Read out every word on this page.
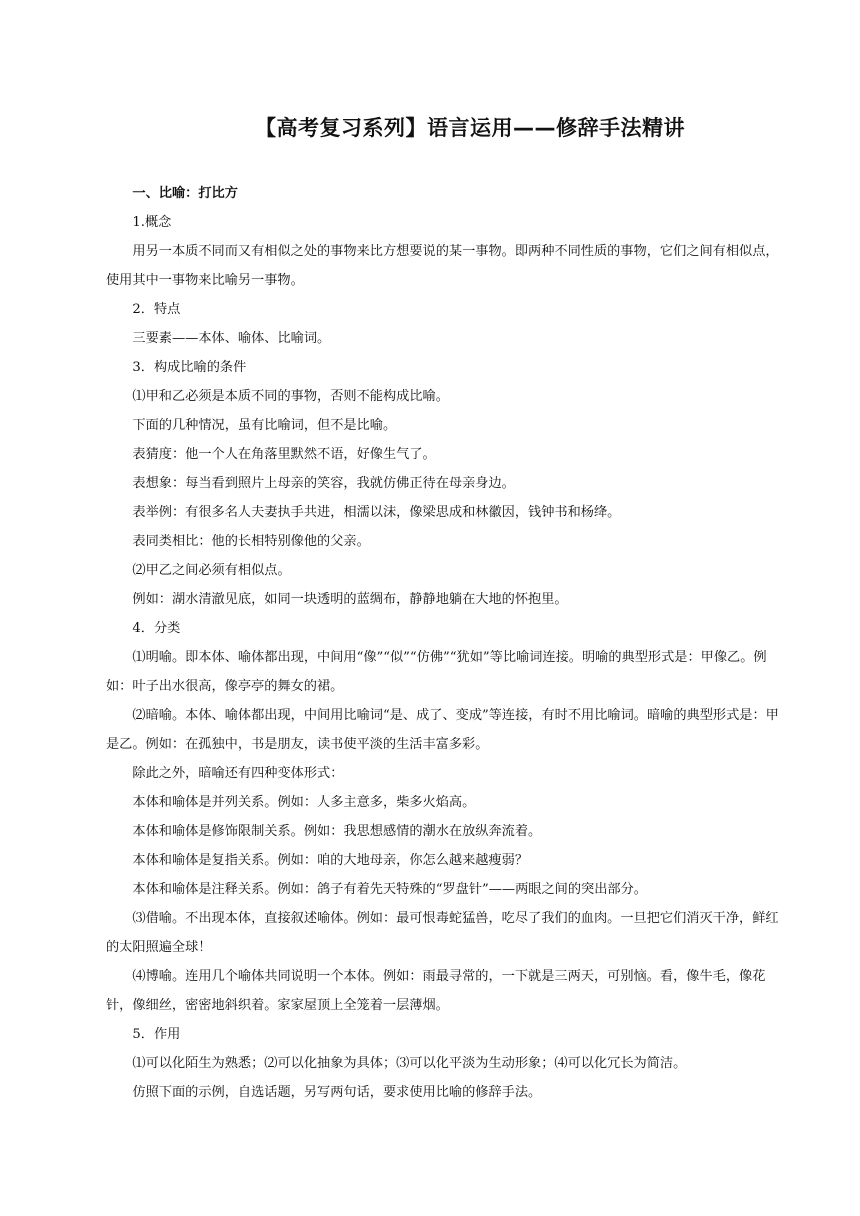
【高考复习系列】语言运用——修辞手法精讲

一、比喻：打比方

1.概念

用另一本质不同而又有相似之处的事物来比方想要说的某一事物。即两种不同性质的事物，它们之间有相似点，使用其中一事物来比喻另一事物。

2．特点

三要素——本体、喻体、比喻词。

3．构成比喻的条件

⑴甲和乙必须是本质不同的事物，否则不能构成比喻。

下面的几种情况，虽有比喻词，但不是比喻。

表猜度：他一个人在角落里默然不语，好像生气了。

表想象：每当看到照片上母亲的笑容，我就仿佛正待在母亲身边。

表举例：有很多名人夫妻执手共进，相濡以沫，像梁思成和林徽因，钱钟书和杨绛。

表同类相比：他的长相特别像他的父亲。

⑵甲乙之间必须有相似点。

例如：湖水清澈见底，如同一块透明的蓝绸布，静静地躺在大地的怀抱里。

4．分类

⑴明喻。即本体、喻体都出现，中间用“像”“似”“仿佛”“犹如”等比喻词连接。明喻的典型形式是：甲像乙。例如：叶子出水很高，像亭亭的舞女的裙。

⑵暗喻。本体、喻体都出现，中间用比喻词“是、成了、变成”等连接，有时不用比喻词。暗喻的典型形式是：甲是乙。例如：在孤独中，书是朋友，读书使平淡的生活丰富多彩。

除此之外，暗喻还有四种变体形式：

本体和喻体是并列关系。例如：人多主意多，柴多火焰高。

本体和喻体是修饰限制关系。例如：我思想感情的潮水在放纵奔流着。

本体和喻体是复指关系。例如：咱的大地母亲，你怎么越来越瘦弱？

本体和喻体是注释关系。例如：鸽子有着先天特殊的“罗盘针”——两眼之间的突出部分。

⑶借喻。不出现本体，直接叙述喻体。例如：最可恨毒蛇猛兽，吃尽了我们的血肉。一旦把它们消灭干净，鲜红的太阳照遍全球！

⑷博喻。连用几个喻体共同说明一个本体。例如：雨最寻常的，一下就是三两天，可别恼。看，像牛毛，像花针，像细丝，密密地斜织着。家家屋顶上全笼着一层薄烟。

5．作用

⑴可以化陌生为熟悉；⑵可以化抽象为具体；⑶可以化平淡为生动形象；⑷可以化冗长为简洁。

仿照下面的示例，自选话题，另写两句话，要求使用比喻的修辞手法。
